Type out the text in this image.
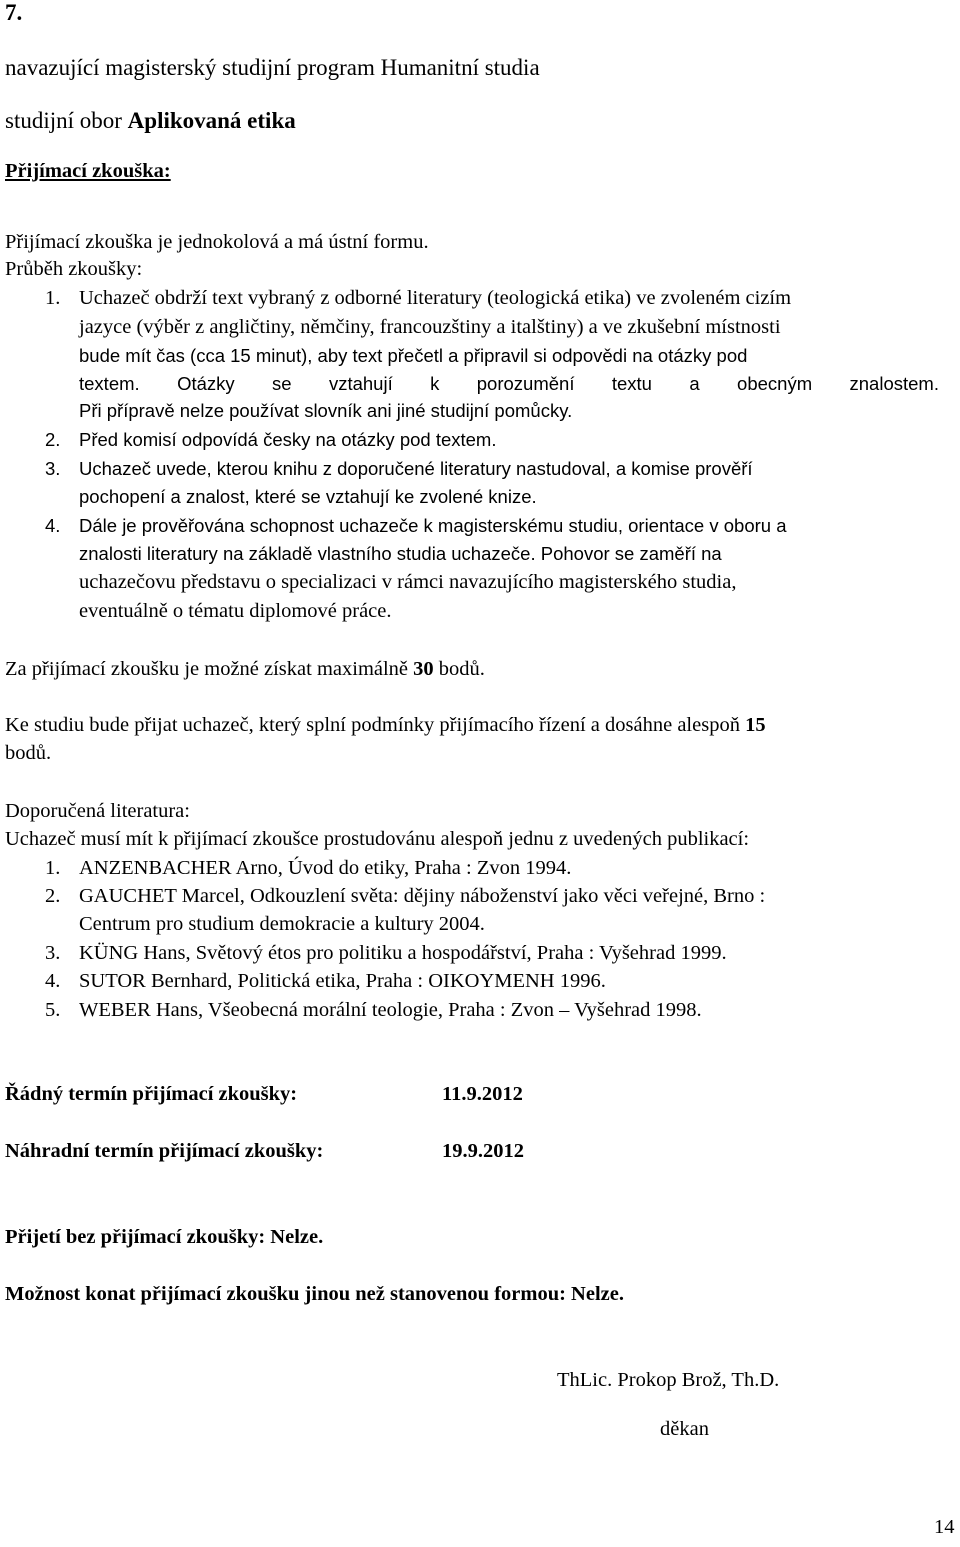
7.
navazující magisterský studijní program Humanitní studia
studijní obor Aplikovaná etika
Přijímací zkouška:
Přijímací zkouška je jednokolová a má ústní formu.
Průběh zkoušky:
1. Uchazeč obdrží text vybraný z odborné literatury (teologická etika) ve zvoleném cizím
jazyce (výběr z angličtiny, němčiny, francouzštiny a italštiny) a ve zkušební místnosti
bude mít čas (cca 15 minut), aby text přečetl a připravil si odpovědi na otázky pod
textem. Otázky se vztahují k porozumění textu a obecným znalostem.
Při přípravě nelze používat slovník ani jiné studijní pomůcky.
2. Před komisí odpovídá česky na otázky pod textem.
3. Uchazeč uvede, kterou knihu z doporučené literatury nastudoval, a komise prověří
pochopení a znalost, které se vztahují ke zvolené knize.
4. Dále je prověřována schopnost uchazeče k magisterskému studiu, orientace v oboru a
znalosti literatury na základě vlastního studia uchazeče. Pohovor se zaměří na
uchazečovu představu o specializaci v rámci navazujícího magisterského studia,
eventuálně o tématu diplomové práce.
Za přijímací zkoušku je možné získat maximálně 30 bodů.
Ke studiu bude přijat uchazeč, který splní podmínky přijímacího řízení a dosáhne alespoň 15
bodů.
Doporučená literatura:
Uchazeč musí mít k přijímací zkoušce prostudovánu alespoň jednu z uvedených publikací:
1. ANZENBACHER Arno, Úvod do etiky, Praha : Zvon 1994.
2. GAUCHET Marcel, Odkouzlení světa: dějiny náboženství jako věci veřejné, Brno :
Centrum pro studium demokracie a kultury 2004.
3. KÜNG Hans, Světový étos pro politiku a hospodářství, Praha : Vyšehrad 1999.
4. SUTOR Bernhard, Politická etika, Praha : OIKOYMENH 1996.
5. WEBER Hans, Všeobecná morální teologie, Praha : Zvon – Vyšehrad 1998.
Řádný termín přijímací zkoušky:	11.9.2012
Náhradní termín přijímací zkoušky:	19.9.2012
Přijetí bez přijímací zkoušky: Nelze.
Možnost konat přijímací zkoušku jinou než stanovenou formou: Nelze.
ThLic. Prokop Brož, Th.D.
děkan
14
